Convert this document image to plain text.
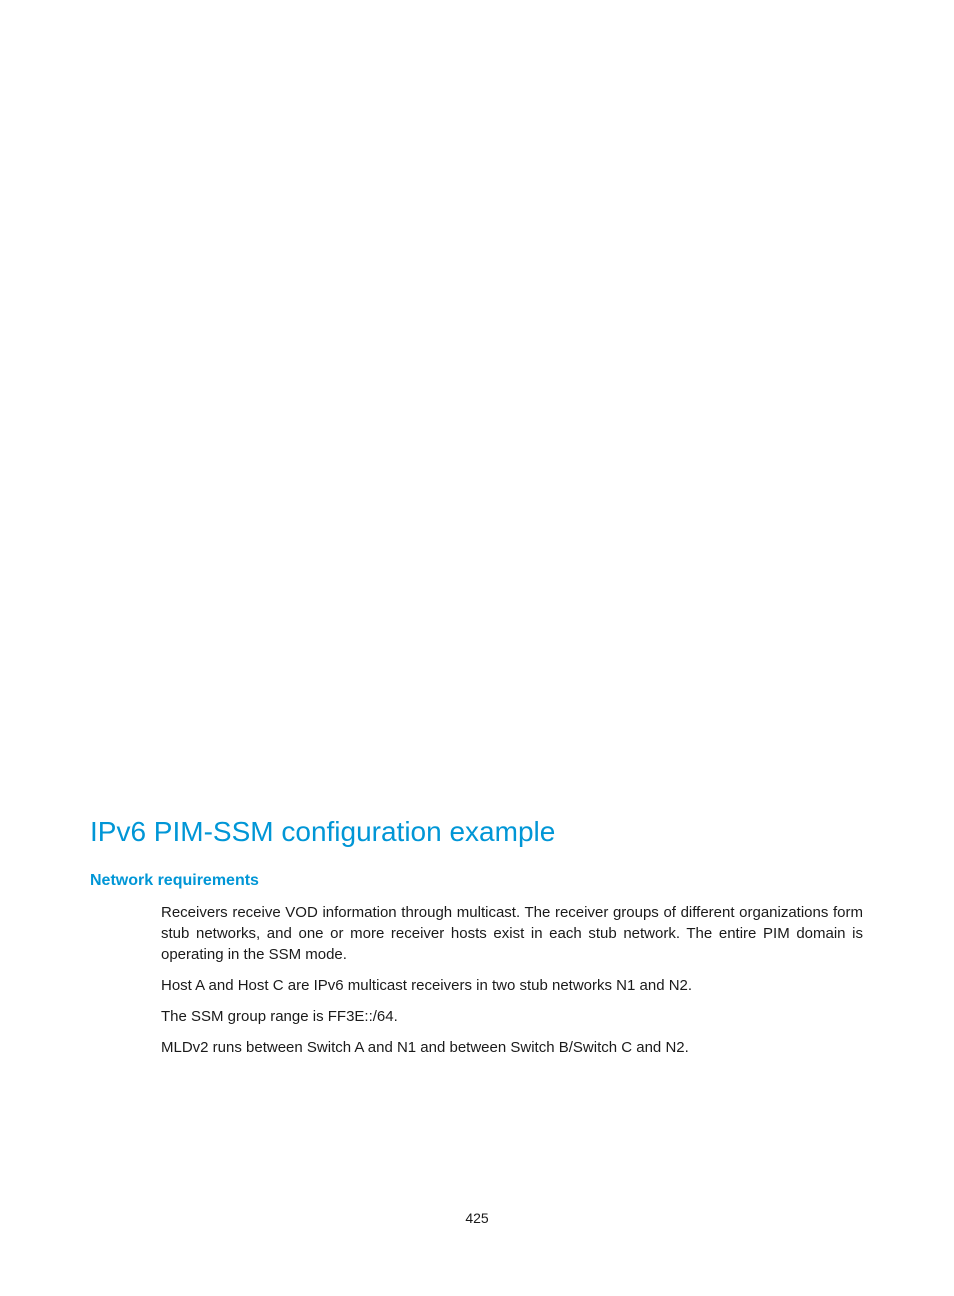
IPv6 PIM-SSM configuration example
Network requirements

Receivers receive VOD information through multicast. The receiver groups of different organizations form stub networks, and one or more receiver hosts exist in each stub network. The entire PIM domain is operating in the SSM mode.

Host A and Host C are IPv6 multicast receivers in two stub networks N1 and N2.

The SSM group range is FF3E::/64.

MLDv2 runs between Switch A and N1 and between Switch B/Switch C and N2.

425
